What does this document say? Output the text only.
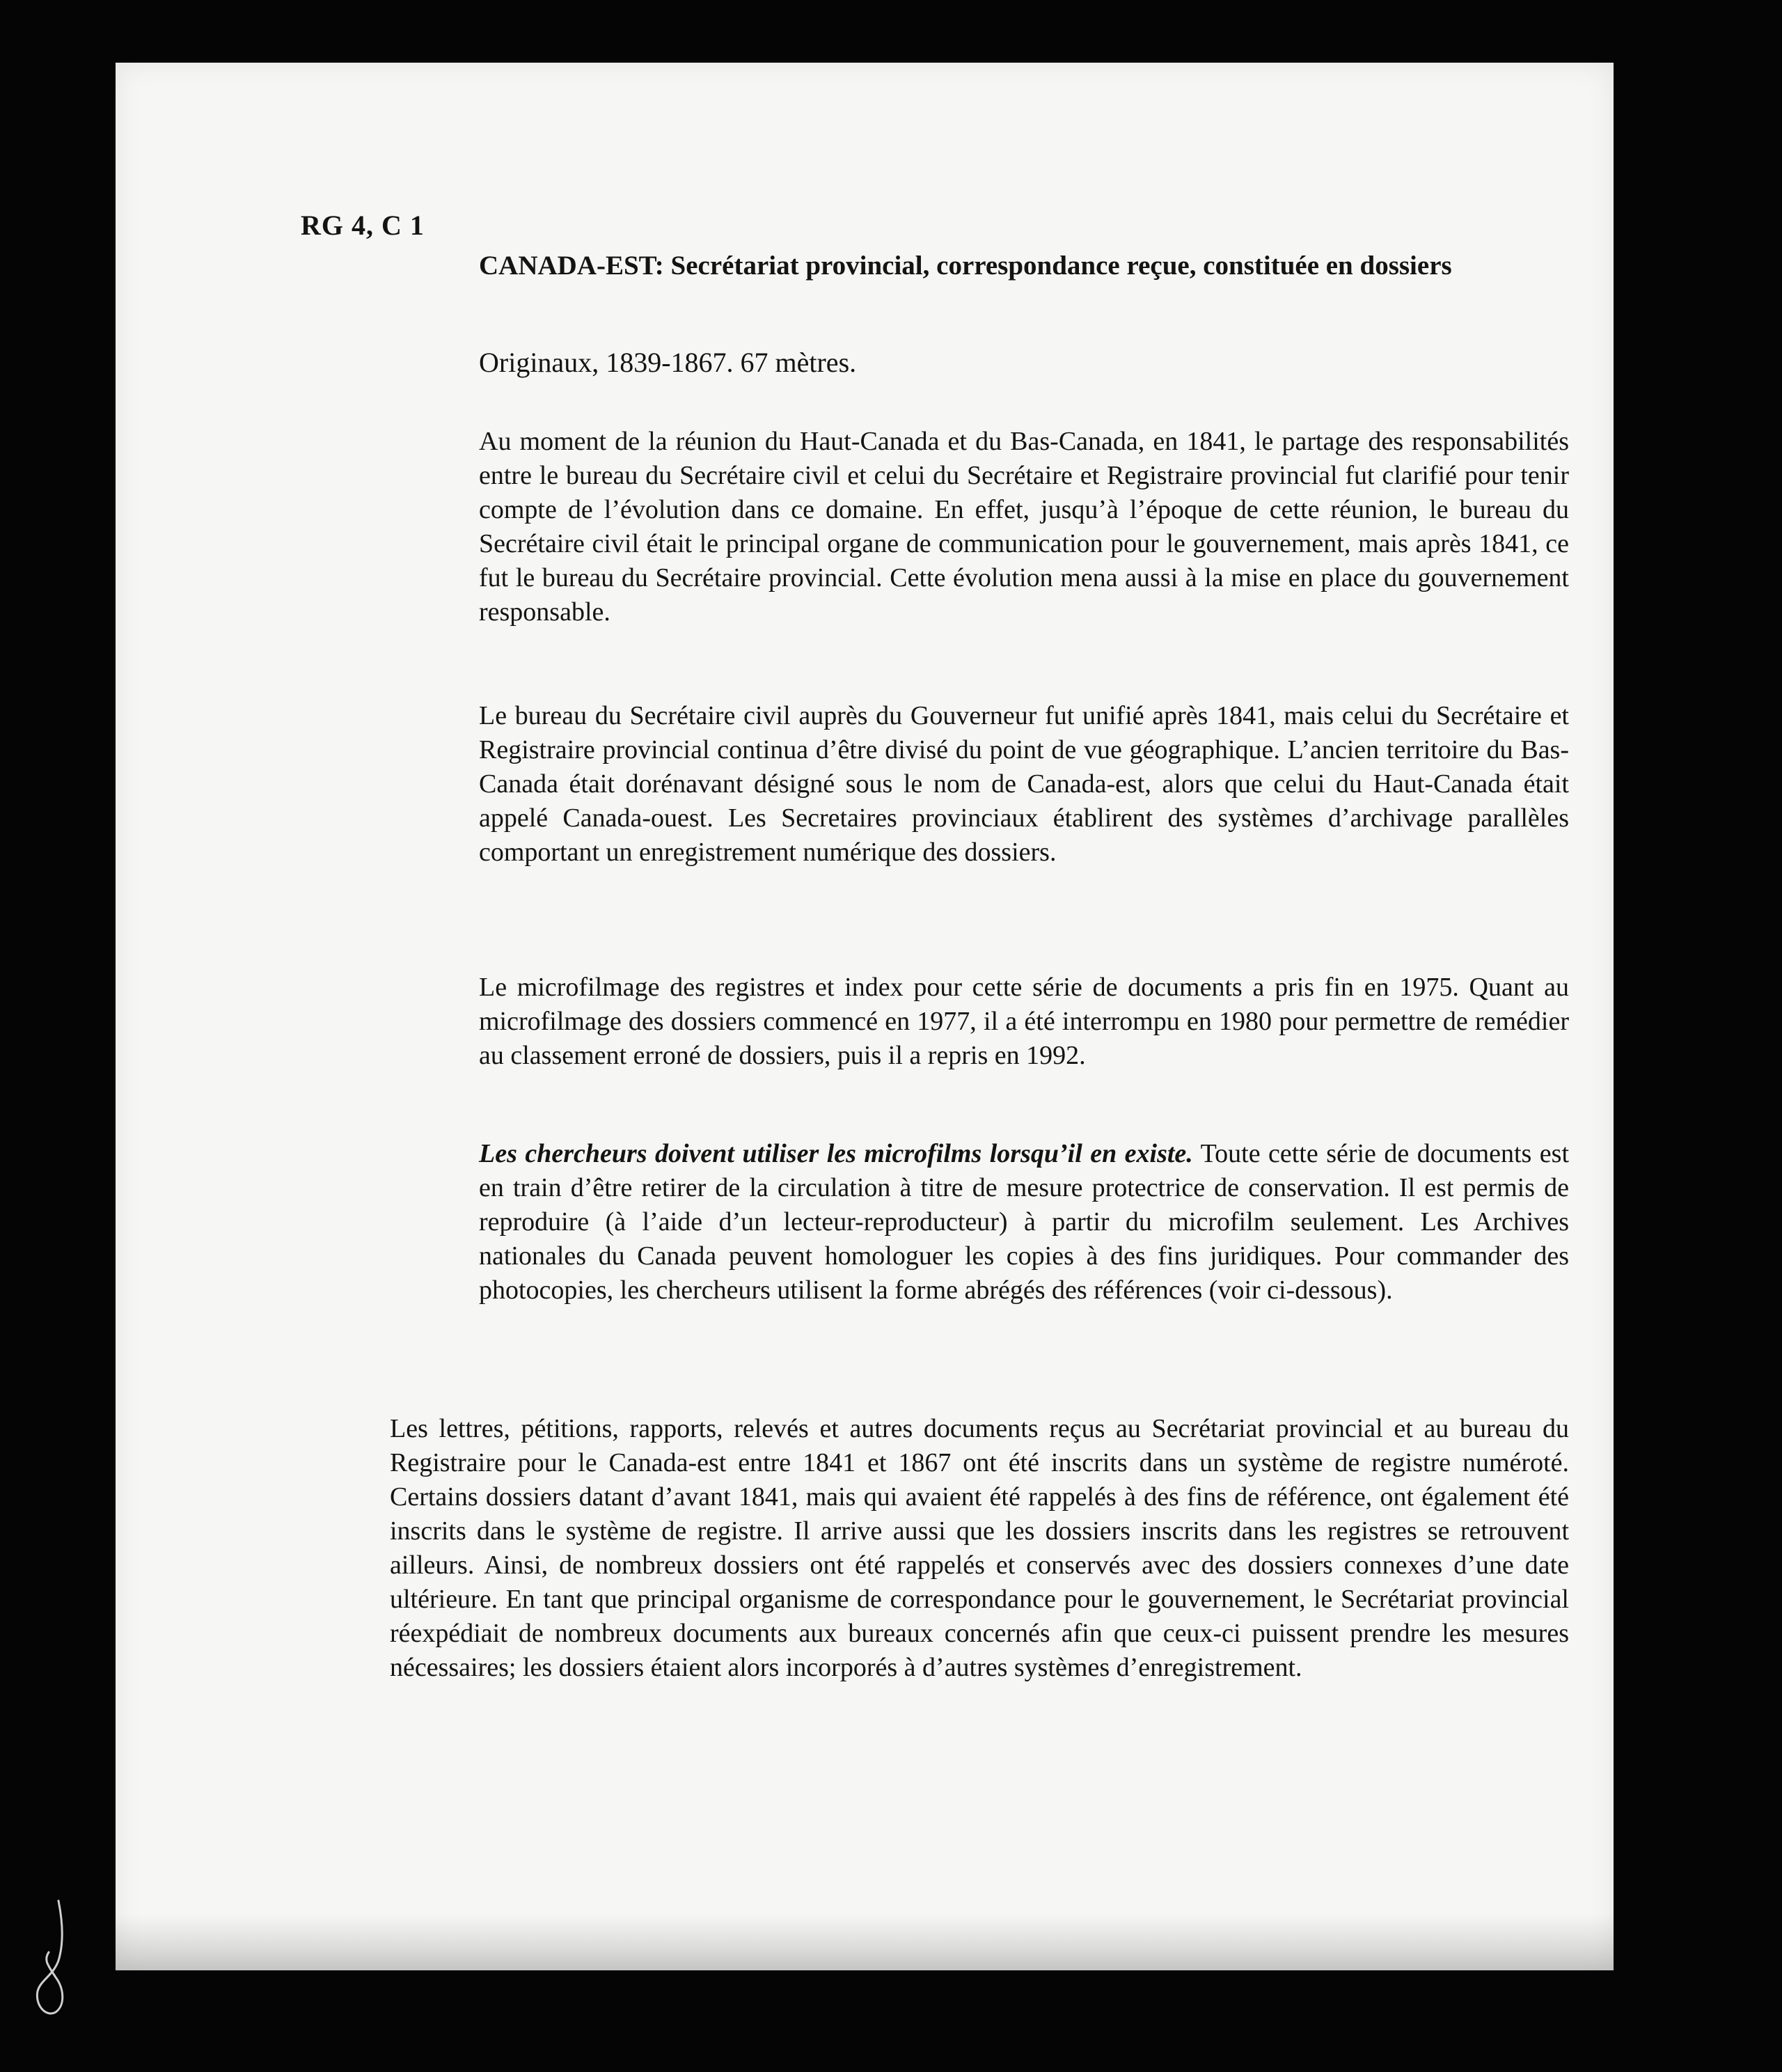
RG 4, C 1

CANADA-EST: Secrétariat provincial, correspondance reçue, constituée en dossiers

Originaux, 1839-1867. 67 mètres.

Au moment de la réunion du Haut-Canada et du Bas-Canada, en 1841, le partage des responsabilités entre le bureau du Secrétaire civil et celui du Secrétaire et Registraire provincial fut clarifié pour tenir compte de l’évolution dans ce domaine. En effet, jusqu’à l’époque de cette réunion, le bureau du Secrétaire civil était le principal organe de communication pour le gouvernement, mais après 1841, ce fut le bureau du Secrétaire provincial. Cette évolution mena aussi à la mise en place du gouvernement responsable.

Le bureau du Secrétaire civil auprès du Gouverneur fut unifié après 1841, mais celui du Secrétaire et Registraire provincial continua d’être divisé du point de vue géographique. L’ancien territoire du Bas-Canada était dorénavant désigné sous le nom de Canada-est, alors que celui du Haut-Canada était appelé Canada-ouest. Les Secretaires provinciaux établirent des systèmes d’archivage parallèles comportant un enregistrement numérique des dossiers.

Le microfilmage des registres et index pour cette série de documents a pris fin en 1975. Quant au microfilmage des dossiers commencé en 1977, il a été interrompu en 1980 pour permettre de remédier au classement erroné de dossiers, puis il a repris en 1992.

Les chercheurs doivent utiliser les microfilms lorsqu’il en existe. Toute cette série de documents est en train d’être retirer de la circulation à titre de mesure protectrice de conservation. Il est permis de reproduire (à l’aide d’un lecteur-reproducteur) à partir du microfilm seulement. Les Archives nationales du Canada peuvent homologuer les copies à des fins juridiques. Pour commander des photocopies, les chercheurs utilisent la forme abrégés des références (voir ci-dessous).

Les lettres, pétitions, rapports, relevés et autres documents reçus au Secrétariat provincial et au bureau du Registraire pour le Canada-est entre 1841 et 1867 ont été inscrits dans un système de registre numéroté. Certains dossiers datant d’avant 1841, mais qui avaient été rappelés à des fins de référence, ont également été inscrits dans le système de registre. Il arrive aussi que les dossiers inscrits dans les registres se retrouvent ailleurs. Ainsi, de nombreux dossiers ont été rappelés et conservés avec des dossiers connexes d’une date ultérieure. En tant que principal organisme de correspondance pour le gouvernement, le Secrétariat provincial réexpédiait de nombreux documents aux bureaux concernés afin que ceux-ci puissent prendre les mesures nécessaires; les dossiers étaient alors incorporés à d’autres systèmes d’enregistrement.
